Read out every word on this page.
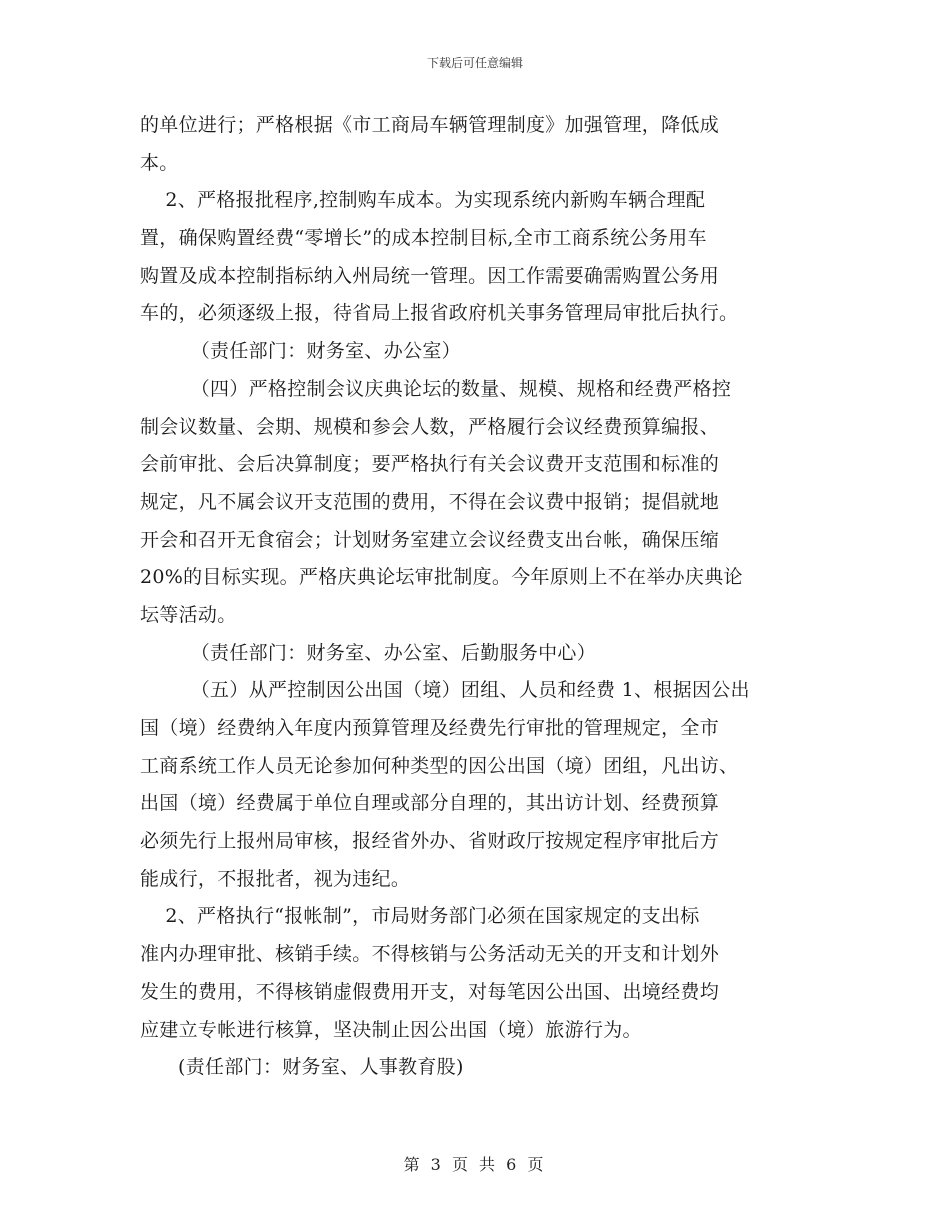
下载后可任意编辑
的单位进行；严格根据《市工商局车辆管理制度》加强管理，降低成
本。
2、严格报批程序,控制购车成本。为实现系统内新购车辆合理配
置，确保购置经费“零增长”的成本控制目标,全市工商系统公务用车
购置及成本控制指标纳入州局统一管理。因工作需要确需购置公务用
车的，必须逐级上报，待省局上报省政府机关事务管理局审批后执行。
（责任部门：财务室、办公室）
（四）严格控制会议庆典论坛的数量、规模、规格和经费严格控
制会议数量、会期、规模和参会人数，严格履行会议经费预算编报、
会前审批、会后决算制度；要严格执行有关会议费开支范围和标准的
规定，凡不属会议开支范围的费用，不得在会议费中报销；提倡就地
开会和召开无食宿会；计划财务室建立会议经费支出台帐，确保压缩
20%的目标实现。严格庆典论坛审批制度。今年原则上不在举办庆典论
坛等活动。
（责任部门：财务室、办公室、后勤服务中心）
（五）从严控制因公出国（境）团组、人员和经费 1、根据因公出
国（境）经费纳入年度内预算管理及经费先行审批的管理规定，全市
工商系统工作人员无论参加何种类型的因公出国（境）团组，凡出访、
出国（境）经费属于单位自理或部分自理的，其出访计划、经费预算
必须先行上报州局审核，报经省外办、省财政厅按规定程序审批后方
能成行，不报批者，视为违纪。
2、严格执行“报帐制”，市局财务部门必须在国家规定的支出标
准内办理审批、核销手续。不得核销与公务活动无关的开支和计划外
发生的费用，不得核销虚假费用开支，对每笔因公出国、出境经费均
应建立专帐进行核算，坚决制止因公出国（境）旅游行为。
(责任部门：财务室、人事教育股)
第 3 页 共 6 页
